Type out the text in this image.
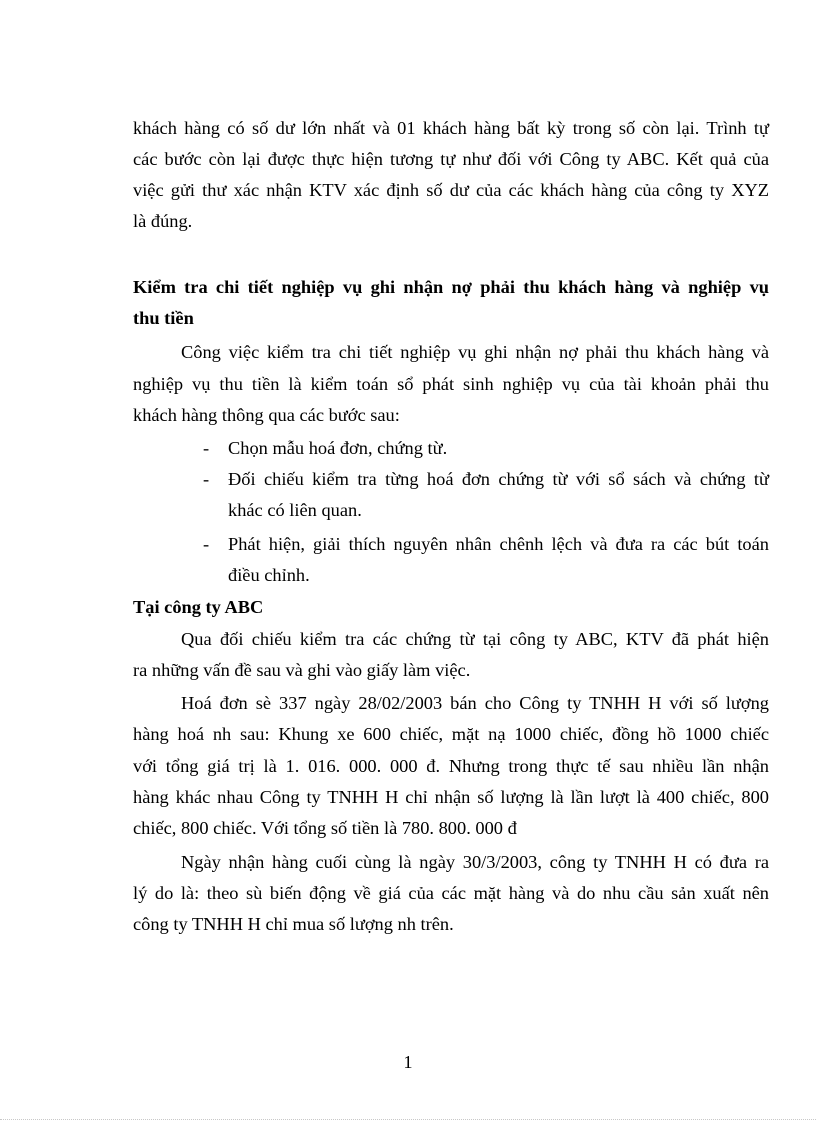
khách hàng có số dư lớn nhất và 01 khách hàng bất kỳ trong số còn lại. Trình tự
các bước còn lại được thực hiện tương tự như đối với Công ty ABC. Kết quả của
việc gửi thư xác nhận KTV xác định số dư của các khách hàng của công ty XYZ
là đúng.
Kiểm tra chi tiết nghiệp vụ ghi nhận nợ phải thu khách hàng và nghiệp vụ
thu tiền
Công việc kiểm tra chi tiết nghiệp vụ ghi nhận nợ phải thu khách hàng và
nghiệp vụ thu tiền là kiểm toán sổ phát sinh nghiệp vụ của tài khoản phải thu
khách hàng thông qua các bước sau:
- Chọn mẫu hoá đơn, chứng từ.
- Đối chiếu kiểm tra từng hoá đơn chứng từ với sổ sách và chứng từ
khác có liên quan.
- Phát hiện, giải thích nguyên nhân chênh lệch và đưa ra các bút toán
điều chỉnh.
Tại công ty ABC
Qua đối chiếu kiểm tra các chứng từ tại công ty ABC, KTV đã phát hiện
ra những vấn đề sau và ghi vào giấy làm việc.
Hoá đơn sè 337 ngày 28/02/2003 bán cho Công ty TNHH H với số lượng
hàng hoá nh sau: Khung xe 600 chiếc, mặt nạ 1000 chiếc, đồng hồ 1000 chiếc
với tổng giá trị là 1. 016. 000. 000 đ. Nhưng trong thực tế sau nhiều lần nhận
hàng khác nhau Công ty TNHH H chỉ nhận số lượng là lần lượt là 400 chiếc, 800
chiếc, 800 chiếc. Với tổng số tiền là 780. 800. 000 đ
Ngày nhận hàng cuối cùng là ngày 30/3/2003, công ty TNHH H có đưa ra
lý do là: theo sù biến động về giá của các mặt hàng và do nhu cầu sản xuất nên
công ty TNHH H chỉ mua số lượng nh trên.
1
